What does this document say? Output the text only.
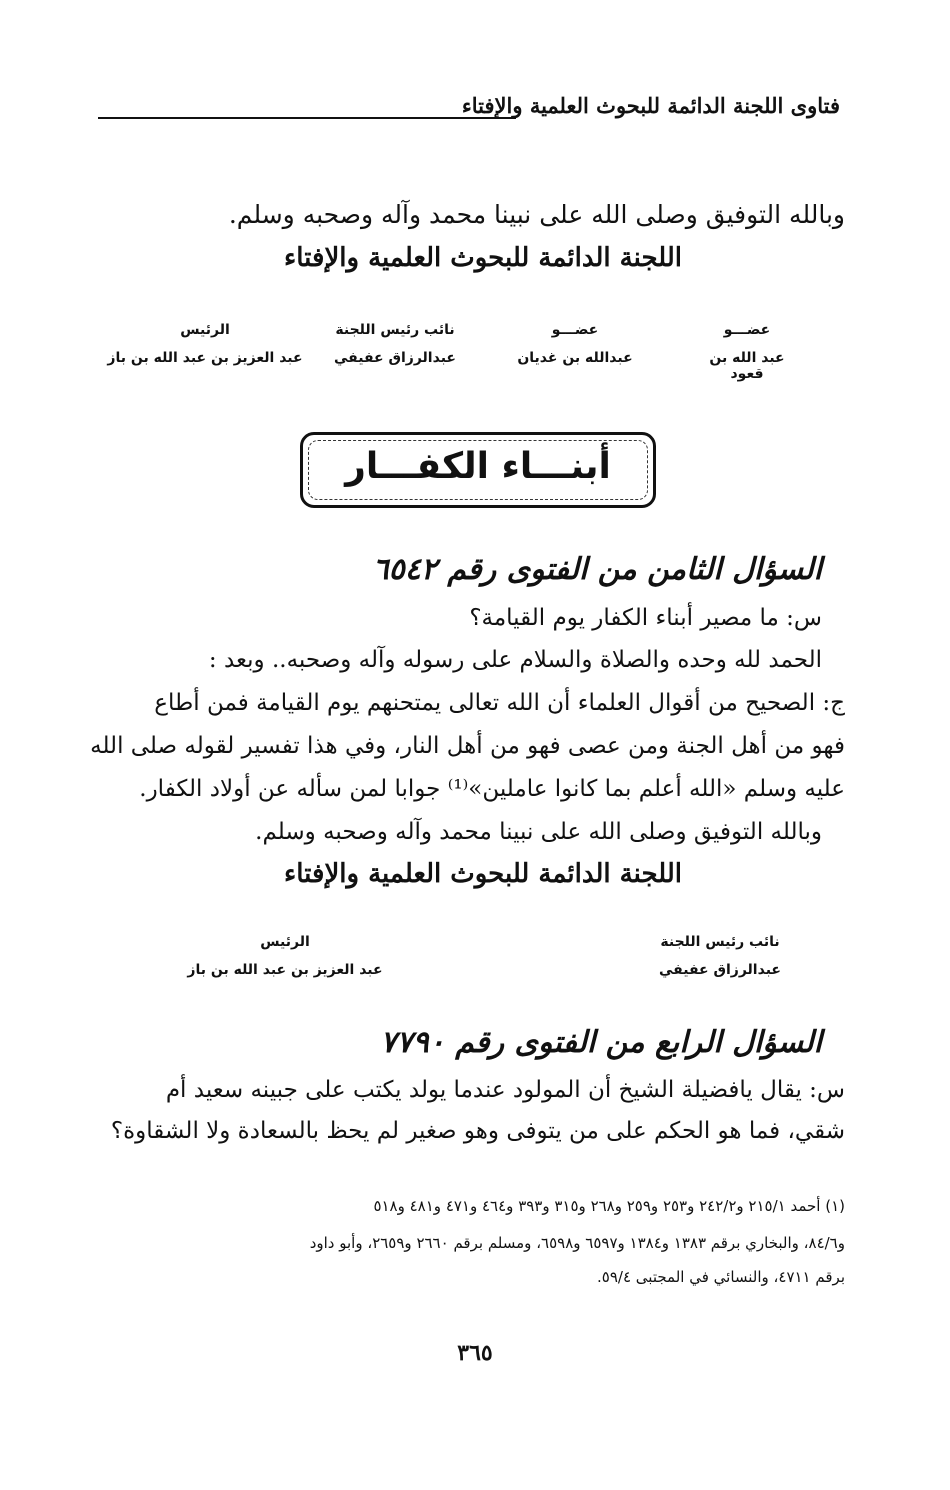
فتاوى اللجنة الدائمة للبحوث العلمية والإفتاء
وبالله التوفيق وصلى الله على نبينا محمد وآله وصحبه وسلم.
اللجنة الدائمة للبحوث العلمية والإفتاء
عضـــو
عبد الله بن قعود
عضـــو
عبدالله بن غديان
نائب رئيس اللجنة
عبدالرزاق عفيفي
الرئيس
عبد العزيز بن عبد الله بن باز
أبنـــاء الكفـــار
السؤال الثامن من الفتوى رقم ٦٥٤٢
س: ما مصير أبناء الكفار يوم القيامة؟
الحمد لله وحده والصلاة والسلام على رسوله وآله وصحبه.. وبعد :
ج: الصحيح من أقوال العلماء أن الله تعالى يمتحنهم يوم القيامة فمن أطاع
فهو من أهل الجنة ومن عصى فهو من أهل النار، وفي هذا تفسير لقوله صلى الله
عليه وسلم «الله أعلم بما كانوا عاملين»⁽¹⁾ جوابا لمن سأله عن أولاد الكفار.
وبالله التوفيق وصلى الله على نبينا محمد وآله وصحبه وسلم.
اللجنة الدائمة للبحوث العلمية والإفتاء
نائب رئيس اللجنة
عبدالرزاق عفيفي
الرئيس
عبد العزيز بن عبد الله بن باز
السؤال الرابع من الفتوى رقم ٧٧٩٠
س: يقال يافضيلة الشيخ أن المولود عندما يولد يكتب على جبينه سعيد أم
شقي، فما هو الحكم على من يتوفى وهو صغير لم يحظ بالسعادة ولا الشقاوة؟
(١) أحمد ٢١٥/١ و٢٤٢/٢ و٢٥٣ و٢٥٩ و٢٦٨ و٣١٥ و٣٩٣ و٤٦٤ و٤٧١ و٤٨١ و٥١٨
و٨٤/٦، والبخاري برقم ١٣٨٣ و١٣٨٤ و٦٥٩٧ و٦٥٩٨، ومسلم برقم ٢٦٦٠ و٢٦٥٩، وأبو داود
برقم ٤٧١١، والنسائي في المجتبى ٥٩/٤.
٣٦٥
